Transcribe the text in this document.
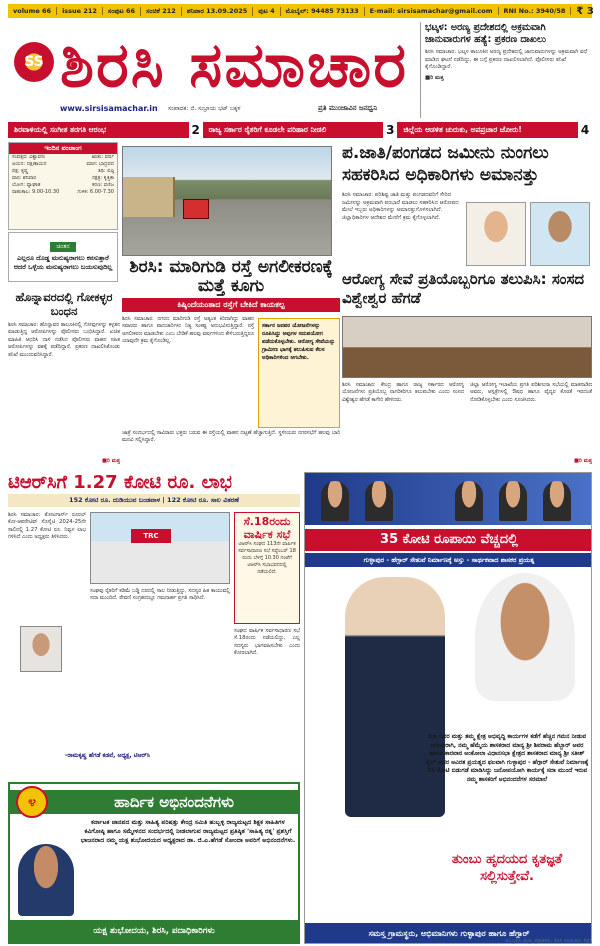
volume 66	issue 212	ಸಂಪುಟ 66	ಸಂಚಿಕೆ 212	ಶನಿವಾರ 13.09.2025	ಪುಟ 4	ಮೊಬೈಲ್: 94485 73133	E-mail: sirsisamachar@gmail.com	RNI No.: 3940/58	₹ 3
SS ಶಿರಸಿ ಸಮಾಚಾರ
www.sirsisamachar.in ಸಂಪಾದಕ: ಜಿ. ಸುಬ್ರಾಯ ಭಟ್ ಬಕ್ಕಳ	ಪ್ರತಿ ಮುಂಜಾವಿನ ಜನಧ್ವನಿ
ಭಟ್ಕಳ: ಅರಣ್ಯ ಪ್ರದೇಶದಲ್ಲಿ ಅಕ್ರಮವಾಗಿ ಜಾನುವಾರುಗಳ ಹತ್ಯೆ: ಪ್ರಕರಣ ದಾಖಲು

ಶಿರಸಿ ಸಮಾಚಾರ: ಭಟ್ಕಳ ತಾಲೂಕಿನ ಅರಣ್ಯ ಪ್ರದೇಶದಲ್ಲಿ ಜಾನುವಾರುಗಳನ್ನು ಅಕ್ರಮವಾಗಿ ವಧೆ ಮಾಡಿದ ಘಟನೆ ನಡೆದಿದ್ದು, ಈ ಬಗ್ಗೆ ಪ್ರಕರಣ ದಾಖಲಿಸಲಾಗಿದೆ. ಪೊಲೀಸರು ತನಿಖೆ ಕೈಗೊಂಡಿದ್ದಾರೆ.

■ರಿ ಮತ್ತ

ಶಿರವಾಳಿಯಲ್ಲಿ ಸಂಗೀತ ತರಗತಿ ಆರಂಭ	2	ರಾಜ್ಯ ಸರ್ಕಾರ ರೈತರಿಗೆ ಕೂಡಲೇ ಪರಿಹಾರ ನೀಡಲಿ	3	ಜಿಲ್ಲೆಯ ಆಡಳಿತ ಚುರುಕು, ಅಪಪ್ರಚಾರ ಜೋರು!	4
ಇಂದಿನ ಪಂಚಾಂಗ
ಸಂವತ್ಸರ: ವಿಶ್ವಾವಸು	ಋತು: ವರ್ಷ
ಅಯನ: ದಕ್ಷಿಣಾಯನ	ಮಾಸ: ಭಾದ್ರಪದ
ಪಕ್ಷ: ಕೃಷ್ಣ	ತಿಥಿ: ಷಷ್ಠಿ
ವಾರ: ಶನಿವಾರ	ನಕ್ಷತ್ರ: ಕೃತ್ತಿಕಾ
ಯೋಗ: ವ್ಯಾಘಾತ	ಕರಣ: ವಣಿಜ
ರಾಹುಕಾಲ: 9.00-10.30	ಗುಳಿಕ: 6.00-7.30
ಚಿಂತನ

ಎಲ್ಲರೂ ದೊಡ್ಡ ಮನುಷ್ಯರಾಗಲು ಕನಸುತ್ತಾರೆ ಆದರೆ ಒಳ್ಳೆಯ ಮನುಷ್ಯರಾಗಲು ಬಯಸುವುದಿಲ್ಲ	ಶಿರಸಿ: ಮಾರಿಗುಡಿ ರಸ್ತೆ ಅಗಲೀಕರಣಕ್ಕೆ ಮತ್ತೆ ಕೂಗು
ಕಿಷ್ಕಿಂದೆಯಂತಾದ ರಸ್ತೆಗೆ ಬೇಕಿದೆ ಕಾಯಕಲ್ಪ
ಶಿರಸಿ ಸಮಾಚಾರ: ನಗರದ ಮಾರಿಗುಡಿ ರಸ್ತೆ ಅತ್ಯಂತ ಕಿರಿದಾಗಿದ್ದು ವಾಹನ ಸವಾರರು ಹಾಗೂ ಪಾದಚಾರಿಗಳು ನಿತ್ಯ ಸಂಕಷ್ಟ ಅನುಭವಿಸುತ್ತಿದ್ದಾರೆ. ರಸ್ತೆ ಅಗಲೀಕರಣ ಮಾಡಬೇಕು ಎಂಬ ಬೇಡಿಕೆ ಹಲವು ವರ್ಷಗಳಿಂದ ಕೇಳಿಬರುತ್ತಿದ್ದರೂ ಯಾವುದೇ ಕ್ರಮ ಕೈಗೊಂಡಿಲ್ಲ.
ಜಾತ್ರೆ ಸಂದರ್ಭದಲ್ಲಿ ಸಾವಿರಾರು ಭಕ್ತರು ಬರುವ ಈ ರಸ್ತೆಯಲ್ಲಿ ವಾಹನ ದಟ್ಟಣೆ ಹೆಚ್ಚಾಗುತ್ತಿದೆ. ಸ್ಥಳೀಯರು ನಗರಸಭೆಗೆ ಹಲವು ಬಾರಿ ಮನವಿ ಸಲ್ಲಿಸಿದ್ದಾರೆ.
ಹೊನ್ನಾವರದಲ್ಲಿ ಗೋಕಳ್ಳರ ಬಂಧನ
ಶಿರಸಿ ಸಮಾಚಾರ: ಹೊನ್ನಾವರ ತಾಲೂಕಿನಲ್ಲಿ ಗೋವುಗಳನ್ನು ಕಳ್ಳತನ ಮಾಡುತ್ತಿದ್ದ ಆರೋಪಿಗಳನ್ನು ಪೊಲೀಸರು ಬಂಧಿಸಿದ್ದಾರೆ. ಖಚಿತ ಮಾಹಿತಿ ಆಧರಿಸಿ ದಾಳಿ ನಡೆಸಿದ ಪೊಲೀಸರು ವಾಹನ ಸಹಿತ ಆರೋಪಿಗಳನ್ನು ವಶಕ್ಕೆ ಪಡೆದಿದ್ದಾರೆ. ಪ್ರಕರಣ ದಾಖಲಿಸಿಕೊಂಡು ತನಿಖೆ ಮುಂದುವರಿಸಿದ್ದಾರೆ.
■ರಿ ಮತ್ತ
ಪ.ಜಾತಿ/ಪಂಗಡದ ಜಮೀನು ನುಂಗಲು ಸಹಕರಿಸಿದ ಅಧಿಕಾರಿಗಳು ಅಮಾನತ್ತು
ಶಿರಸಿ ಸಮಾಚಾರ: ಪರಿಶಿಷ್ಟ ಜಾತಿ ಮತ್ತು ಪಂಗಡದವರಿಗೆ ಸೇರಿದ ಜಮೀನನ್ನು ಅಕ್ರಮವಾಗಿ ಪರಭಾರೆ ಮಾಡಲು ಸಹಕರಿಸಿದ ಆರೋಪದ ಮೇಲೆ ಇಬ್ಬರು ಅಧಿಕಾರಿಗಳನ್ನು ಅಮಾನತ್ತುಗೊಳಿಸಲಾಗಿದೆ. ಜಿಲ್ಲಾಧಿಕಾರಿಗಳ ಆದೇಶದ ಮೇರೆಗೆ ಕ್ರಮ ಕೈಗೊಳ್ಳಲಾಗಿದೆ.
ಆರೋಗ್ಯ ಸೇವೆ ಪ್ರತಿಯೊಬ್ಬರಿಗೂ ತಲುಪಿಸಿ: ಸಂಸದ ವಿಶ್ವೇಶ್ವರ ಹೆಗಡೆ
ಸರ್ಕಾರ ಜನಪರ ಯೋಜನೆಗಳನ್ನು ರೂಪಿಸಿದ್ದು ಅವುಗಳ ಸದುಪಯೋಗ ಪಡೆದುಕೊಳ್ಳಬೇಕು. ಆರೋಗ್ಯ ಸೇವೆಯನ್ನು ಗ್ರಾಮೀಣ ಭಾಗಕ್ಕೆ ತಲುಪಿಸುವ ಕೆಲಸ ಅಧಿಕಾರಿಗಳಿಂದ ಆಗಬೇಕು.
ಶಿರಸಿ ಸಮಾಚಾರ: ಕೇಂದ್ರ ಹಾಗೂ ರಾಜ್ಯ ಸರ್ಕಾರದ ಆರೋಗ್ಯ ಯೋಜನೆಗಳು ಪ್ರತಿಯೊಬ್ಬ ನಾಗರಿಕರಿಗೂ ತಲುಪಬೇಕು ಎಂದು ಸಂಸದ ವಿಶ್ವೇಶ್ವರ ಹೆಗಡೆ ಕಾಗೇರಿ ಹೇಳಿದರು.
ಜಿಲ್ಲಾ ಆರೋಗ್ಯ ಇಲಾಖೆಯ ಪ್ರಗತಿ ಪರಿಶೀಲನಾ ಸಭೆಯಲ್ಲಿ ಮಾತನಾಡಿದ ಅವರು, ಆಸ್ಪತ್ರೆಗಳಲ್ಲಿ ಔಷಧ ಹಾಗೂ ವೈದ್ಯರ ಕೊರತೆ ಇರದಂತೆ ನೋಡಿಕೊಳ್ಳಬೇಕು ಎಂದು ಸೂಚಿಸಿದರು.
■ರಿ ಮತ್ತ
ಟಿಆರ್‌ಸಿಗೆ 1.27 ಕೋಟಿ ರೂ. ಲಾಭ
152 ಕೋಟಿ ರೂ. ದುಡಿಯುವ ಬಂಡವಾಳ | 122 ಕೋಟಿ ರೂ. ಸಾಲ ವಿತರಣೆ
ಶಿರಸಿ ಸಮಾಚಾರ: ತೋಟಗಾರ್ಸ್ ರೂರಲ್ ಕೋ-ಆಪರೇಟಿವ್ ಸೊಸೈಟಿ 2024-25ನೇ ಸಾಲಿನಲ್ಲಿ 1.27 ಕೋಟಿ ರೂ. ನಿವ್ವಳ ಲಾಭ ಗಳಿಸಿದೆ ಎಂದು ಅಧ್ಯಕ್ಷರು ತಿಳಿಸಿದರು.	TRC
ಸಂಘವು ರೈತರಿಗೆ ಕಡಿಮೆ ಬಡ್ಡಿ ದರದಲ್ಲಿ ಸಾಲ ನೀಡುತ್ತಿದ್ದು, ಸದಸ್ಯರ ಹಿತ ಕಾಯುವಲ್ಲಿ ಸದಾ ಮುಂದಿದೆ. ಠೇವಣಿ ಸಂಗ್ರಹದಲ್ಲೂ ಗಮನಾರ್ಹ ಪ್ರಗತಿ ಸಾಧಿಸಿದೆ.
ಸೆ.18ರಂದು
ವಾರ್ಷಿಕ ಸಭೆ

ಟಿಆರ್‌ಸಿ ಸಂಘದ 113ನೇ ವಾರ್ಷಿಕ ಸರ್ವಸಾಧಾರಣ ಸಭೆ ಸಪ್ಟೆಂಬರ್ 18 ರಂದು ಬೆಳಿಗ್ಗೆ 10.30 ಗಂಟೆಗೆ ಟಿಆರ್‌ಸಿ ಸಭಾಭವನದಲ್ಲಿ ನಡೆಯಲಿದೆ.

ಸಂಘದ ವಾರ್ಷಿಕ ಸರ್ವಸಾಧಾರಣ ಸಭೆ ಸೆ.18ರಂದು ನಡೆಯಲಿದ್ದು, ಎಲ್ಲ ಸದಸ್ಯರು ಭಾಗವಹಿಸಬೇಕು ಎಂದು ಕೋರಲಾಗಿದೆ.
-ರಾಮಕೃಷ್ಣ ಹೆಗಡೆ ಕಡವೆ, ಅಧ್ಯಕ್ಷ, ಟಿಆರ್‌ಸಿ
35 ಕೋಟಿ ರೂಪಾಯಿ ವೆಚ್ಚದಲ್ಲಿ
ಗುಳ್ಳಾಪುರ - ಹೆಗ್ಗಾರ್ ಸೇತುವೆ ನಿರ್ಮಾಣಕ್ಕೆ ಅಸ್ತು - ಸಾರ್ಥಕವಾದ ಶಾಸಕರ ಪ್ರಯತ್ನ
ಸದಾ ಜನರ ಮತ್ತು ತಮ್ಮ ಕ್ಷೇತ್ರ ಅಭಿವೃದ್ಧಿ ಕಾರ್ಯಗಳ ಕಡೆಗೆ ಹೆಚ್ಚಿನ ಗಮನ ನೀಡುವ ಜನಾನುರಾಗಿ, ನಮ್ಮ ಹೆಮ್ಮೆಯ ಶಾಸಕರಾದ ಮಾನ್ಯ ಶ್ರೀ ಶಿವರಾಮ ಹೆಬ್ಬಾರ್ ಅವರ ಹಾಗೂ ಕಾರವಾರ ಅಂಕೋಲಾ ವಿಧಾನಸಭಾ ಕ್ಷೇತ್ರದ ಶಾಸಕರಾದ ಮಾನ್ಯ ಶ್ರೀ ಸತೀಶ್ ಸೈಲ್ ಅವರ ಅವಿರತ ಪ್ರಯತ್ನದ ಫಲವಾಗಿ ಗುಳ್ಳಾಪುರ - ಹೆಗ್ಗಾರ್ ಸೇತುವೆ ನಿರ್ಮಾಣಕ್ಕೆ 35 ಕೋಟಿ ಬಿಡುಗಡೆ ಮಾಡಿಸಿದ್ದು ಜನೋಪಯೋಗಿ ಕಾರ್ಯಕ್ಕೆ ಸದಾ ಮುಂದೆ ಇರುವ ನಮ್ಮ ಶಾಸಕರಿಗೆ ಅಭಿನಂದನೆಗಳ ಸರಮಾಲೆ
ತುಂಬು ಹೃದಯದ ಕೃತಜ್ಞತೆ ಸಲ್ಲಿಸುತ್ತೇವೆ.
ಸಮಸ್ತ ಗ್ರಾಮಸ್ಥರು, ಅಭಿಮಾನಿಗಳು ಗುಳ್ಳಾಪುರ ಹಾಗೂ ಹೆಗ್ಗಾರ್
ಹಾರ್ದಿಕ ಅಭಿನಂದನೆಗಳು
೪
ಕರ್ನಾಟಕ ಜಾನಪದ ಮತ್ತು ಸಾಹಿತ್ಯ ಪರಿಷತ್ತು ಕೇಂದ್ರ ಸಮಿತಿ ಹುಬ್ಬಳ್ಳಿ ರಾಜ್ಯಮಟ್ಟದ ಶಿಕ್ಷಕ ಸಾಹಿತಿಗಳ ಕವಿಗೋಷ್ಠಿ ಹಾಗೂ ಸಮ್ಮೇಳನದ ಸಂದರ್ಭದಲ್ಲಿ ನೀಡಲಾಗುವ ರಾಜ್ಯಮಟ್ಟದ ಪ್ರತಿಷ್ಠಿತ 'ಸಾಹಿತ್ಯ ರತ್ನ' ಪ್ರಶಸ್ತಿಗೆ ಭಾಜನರಾದ ನಮ್ಮ ಯಕ್ಷ ಶುಭೋದಯದ ಅಧ್ಯಕ್ಷರಾದ ಡಾ. ಜಿ.ಎ.ಹೆಗಡೆ ಸೋಂದಾ ಅವರಿಗೆ ಅಭಿನಂದನೆಗಳು.
ಯಕ್ಷ ಶುಭೋದಯ, ಶಿರಸಿ, ಪದಾಧಿಕಾರಿಗಳು
ಮುದ್ರಕರು ಮತ್ತು ಪ್ರಕಾಶಕರು: ಶಿರಸಿ ಸಮಾಚಾರ, ಶಿರಸಿ
